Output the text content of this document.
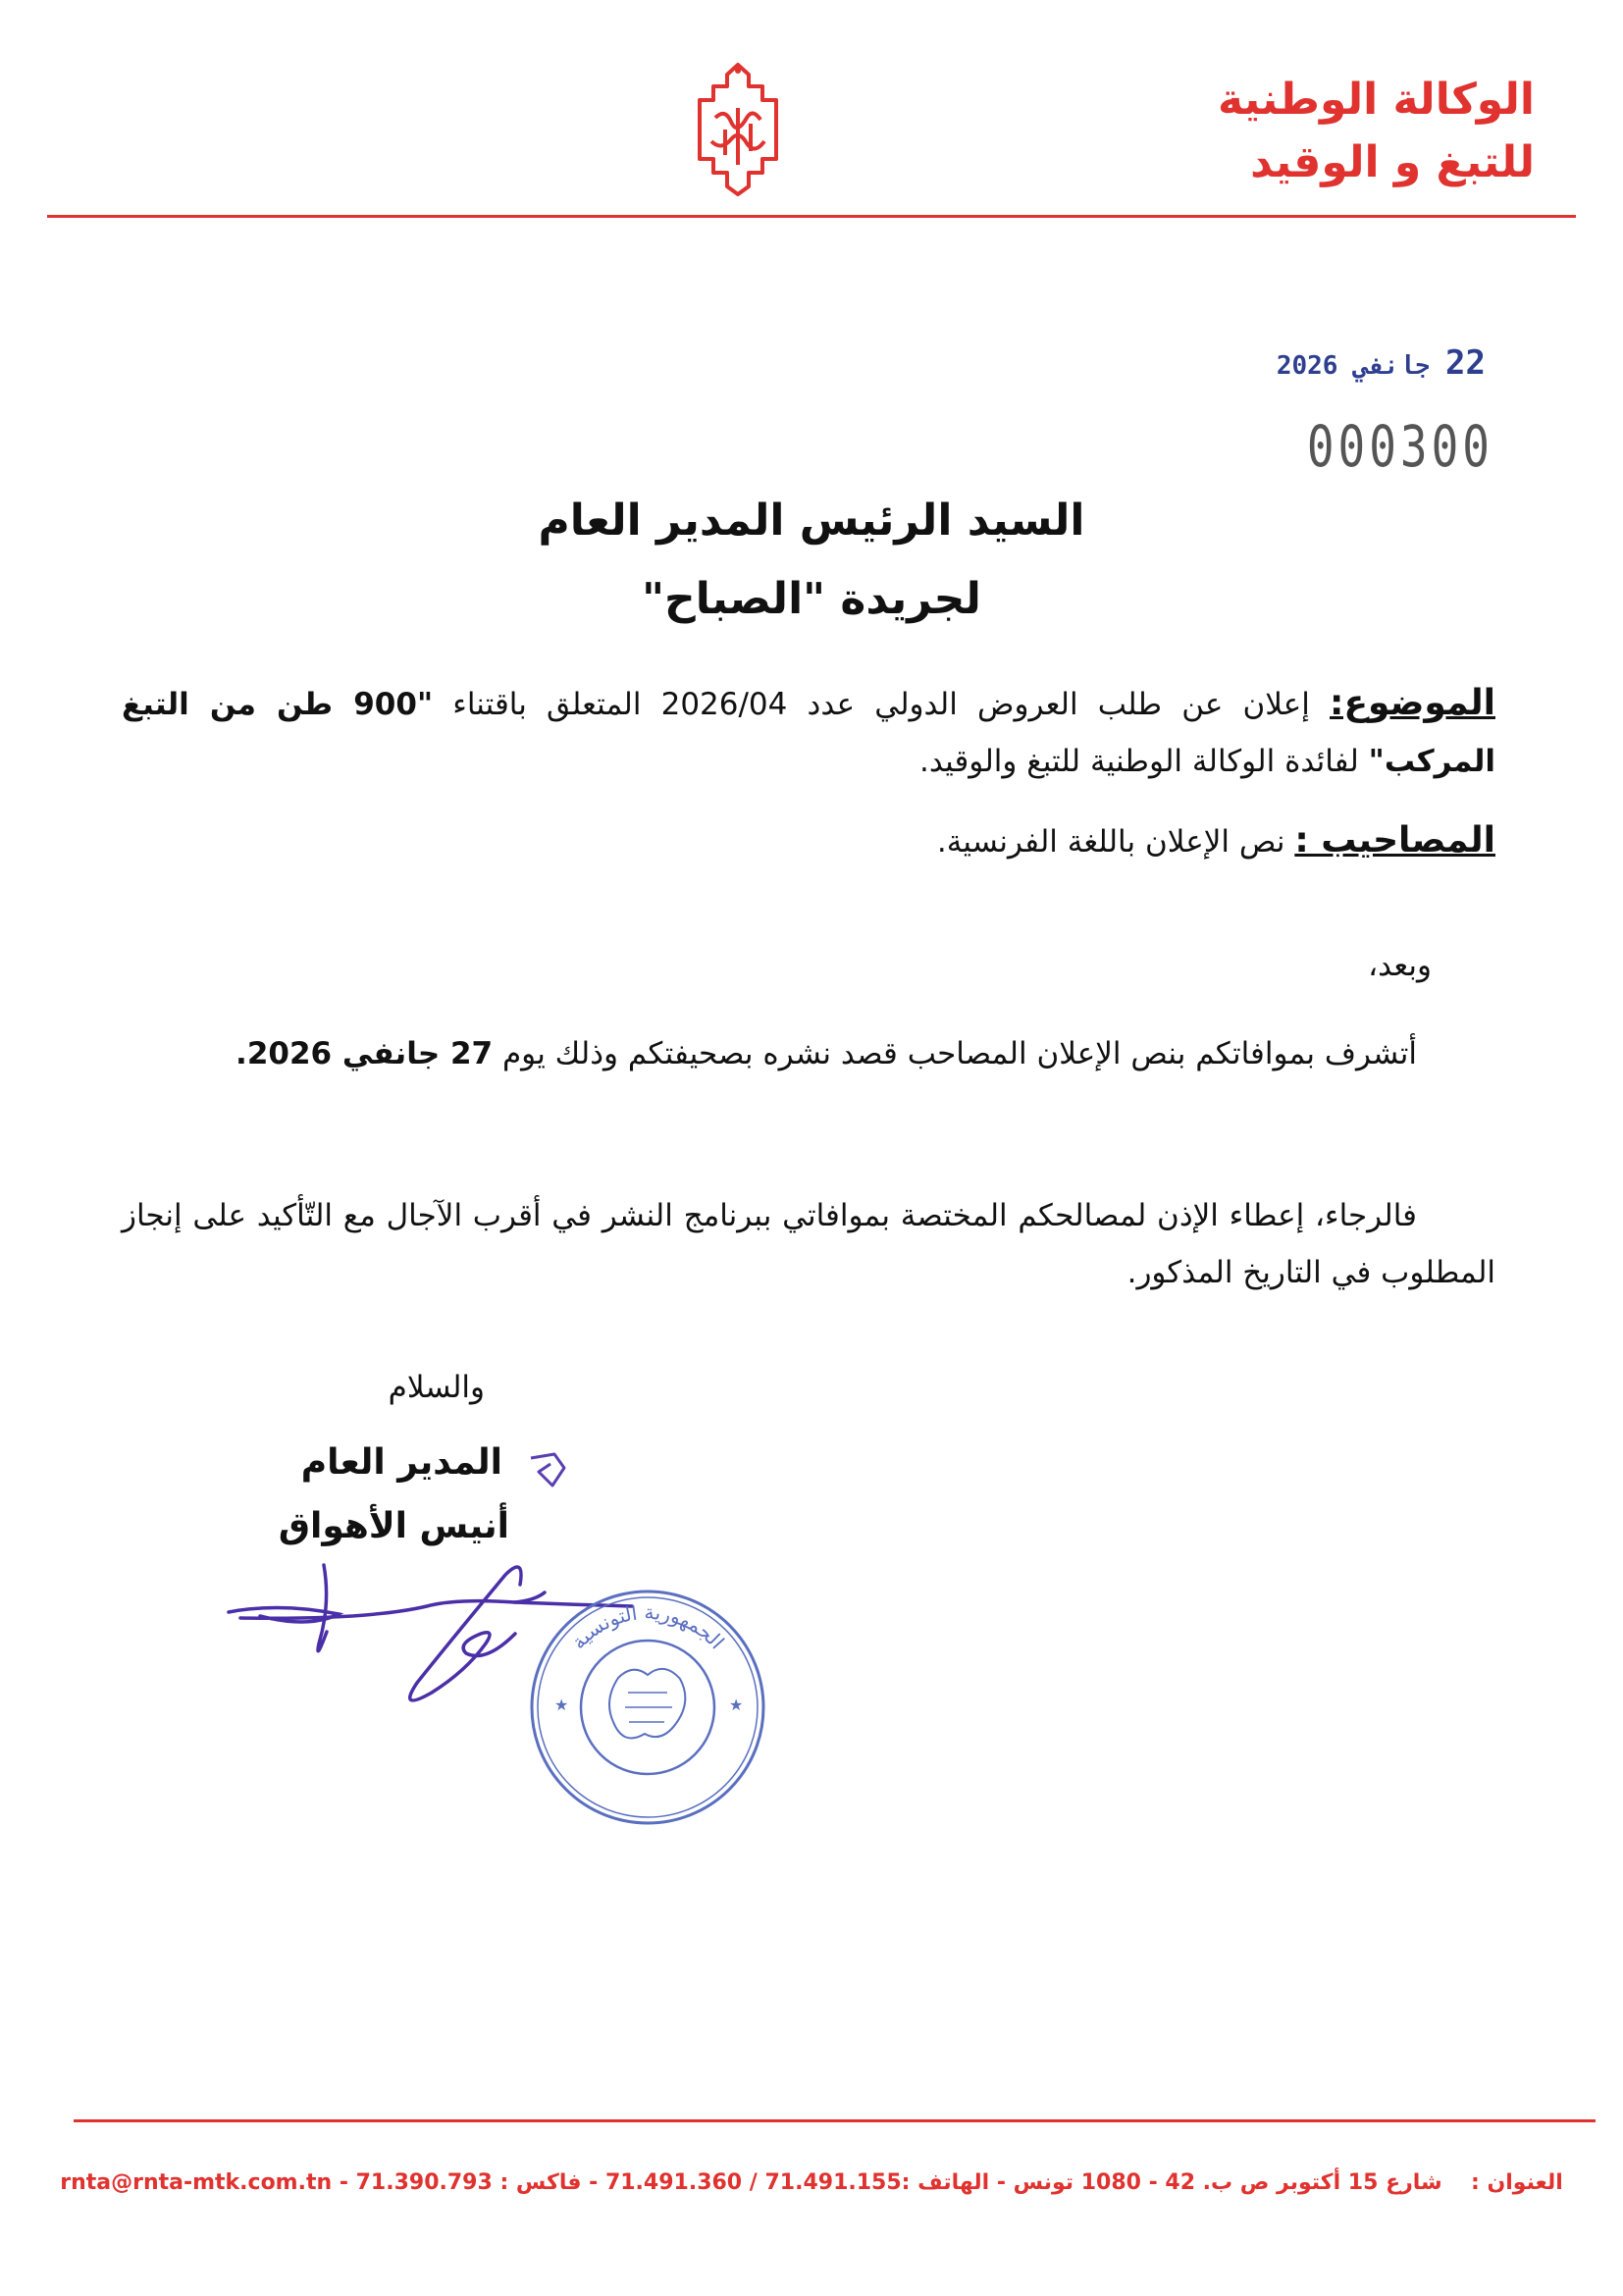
الوكالة الوطنية
للتبغ و الوقيد
22 جانفي 2026
000300
السيد الرئيس المدير العام
لجريدة "الصباح"
الموضوع: إعلان عن طلب العروض الدولي عدد 2026/04 المتعلق باقتناء "900 طن من التبغ المركب" لفائدة الوكالة الوطنية للتبغ والوقيد.
المصاحيب : نص الإعلان باللغة الفرنسية.
وبعد،
أتشرف بموافاتكم بنص الإعلان المصاحب قصد نشره بصحيفتكم وذلك يوم 27 جانفي 2026.
فالرجاء، إعطاء الإذن لمصالحكم المختصة بموافاتي ببرنامج النشر في أقرب الآجال مع التّأكيد على إنجاز المطلوب في التاريخ المذكور.
والسلام
المدير العام
أنيس الأهواق
★	★
الجمهورية التونسية
العنوان :  شارع 15 أكتوبر ص ب. 42 - 1080 تونس - الهاتف :71.491.155 / 71.491.360 - فاكس : 71.390.793 - rnta@rnta-mtk.com.tn
